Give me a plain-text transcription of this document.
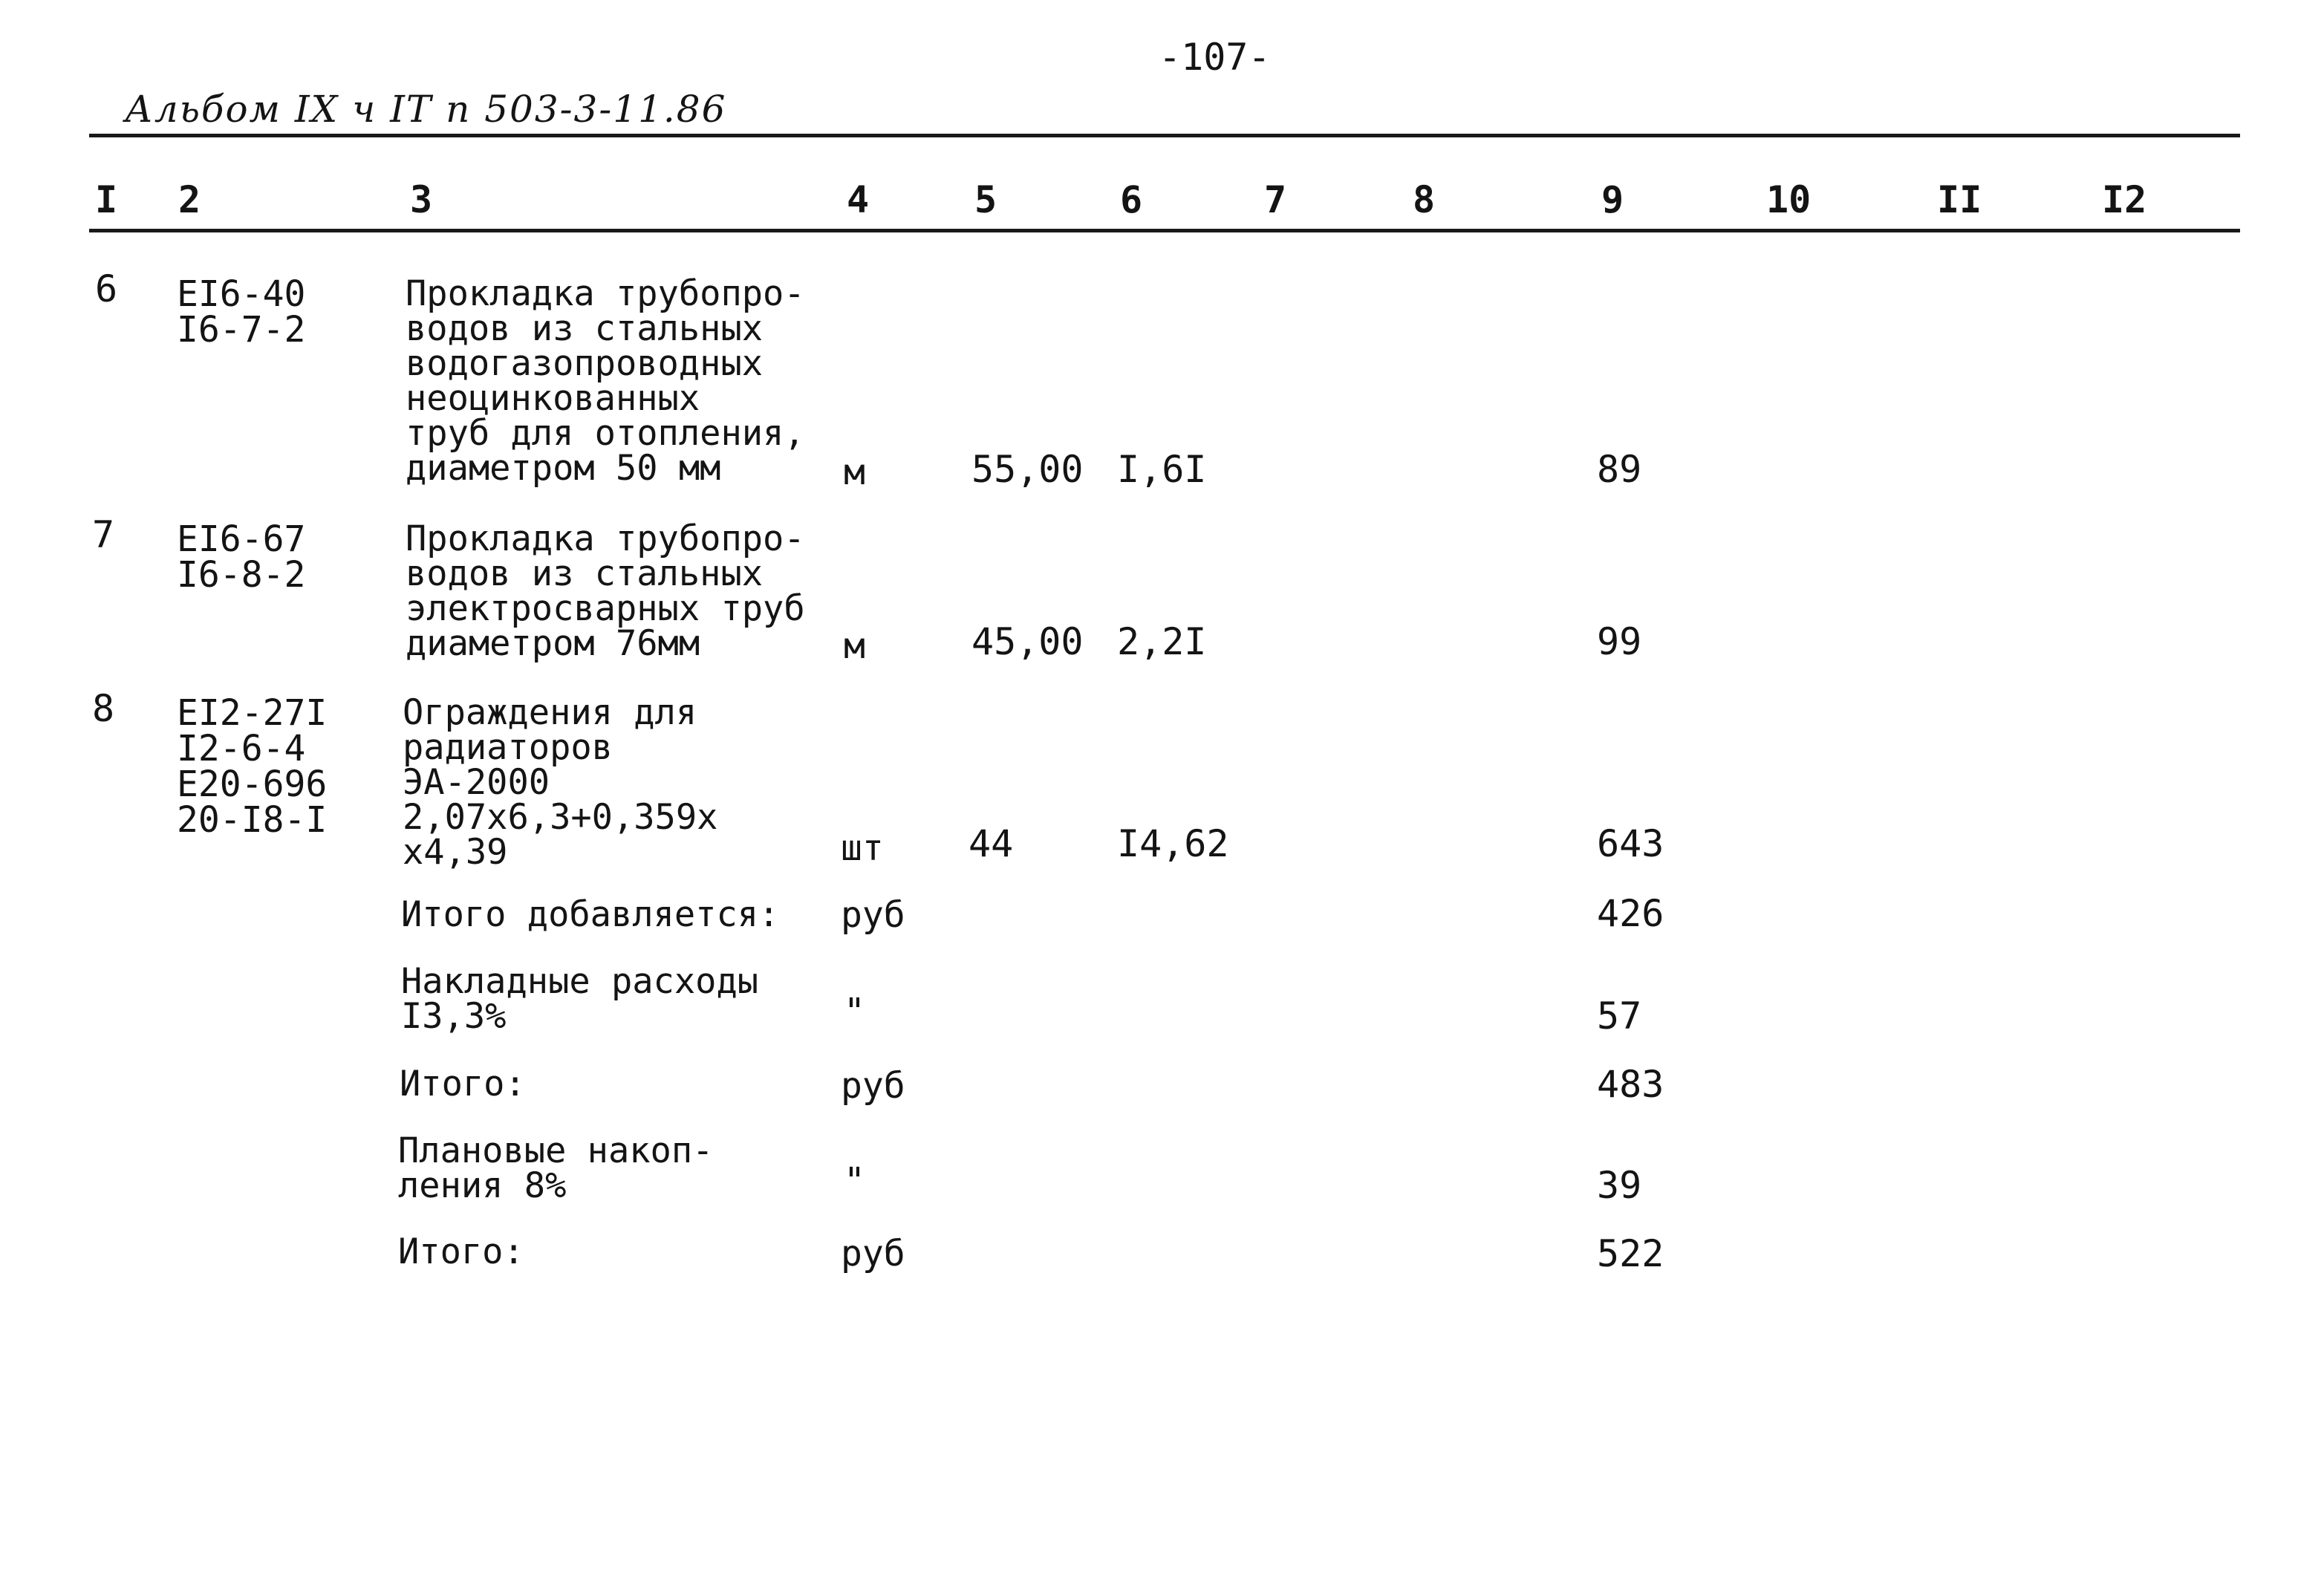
-107-
Альбом IX ч IT п 503-3-11.86
I 2	3	4	5	6	7	8	9	10	II	I2
6 EI6-40
I6-7-2
Прокладка трубопро-
водов из стальных
водогазопроводных
неоцинкованных
труб для отопления,
диаметром 50 мм	м	55,00 I,6I	89
7 EI6-67
I6-8-2
Прокладка трубопро-
водов из стальных
электросварных труб
диаметром 76мм	м	45,00 2,2I	99
8 EI2-27I
I2-6-4
E20-696
20-I8-I
Ограждения для
радиаторов
ЭА-2000
2,07x6,3+0,359x
x4,39	шт 44	I4,62	643
Итого добавляется: руб	426
Накладные расходы
I3,3%	"	57
Итого:	руб	483
Плановые накоп-
ления 8%	"	39
Итого:	руб	522
